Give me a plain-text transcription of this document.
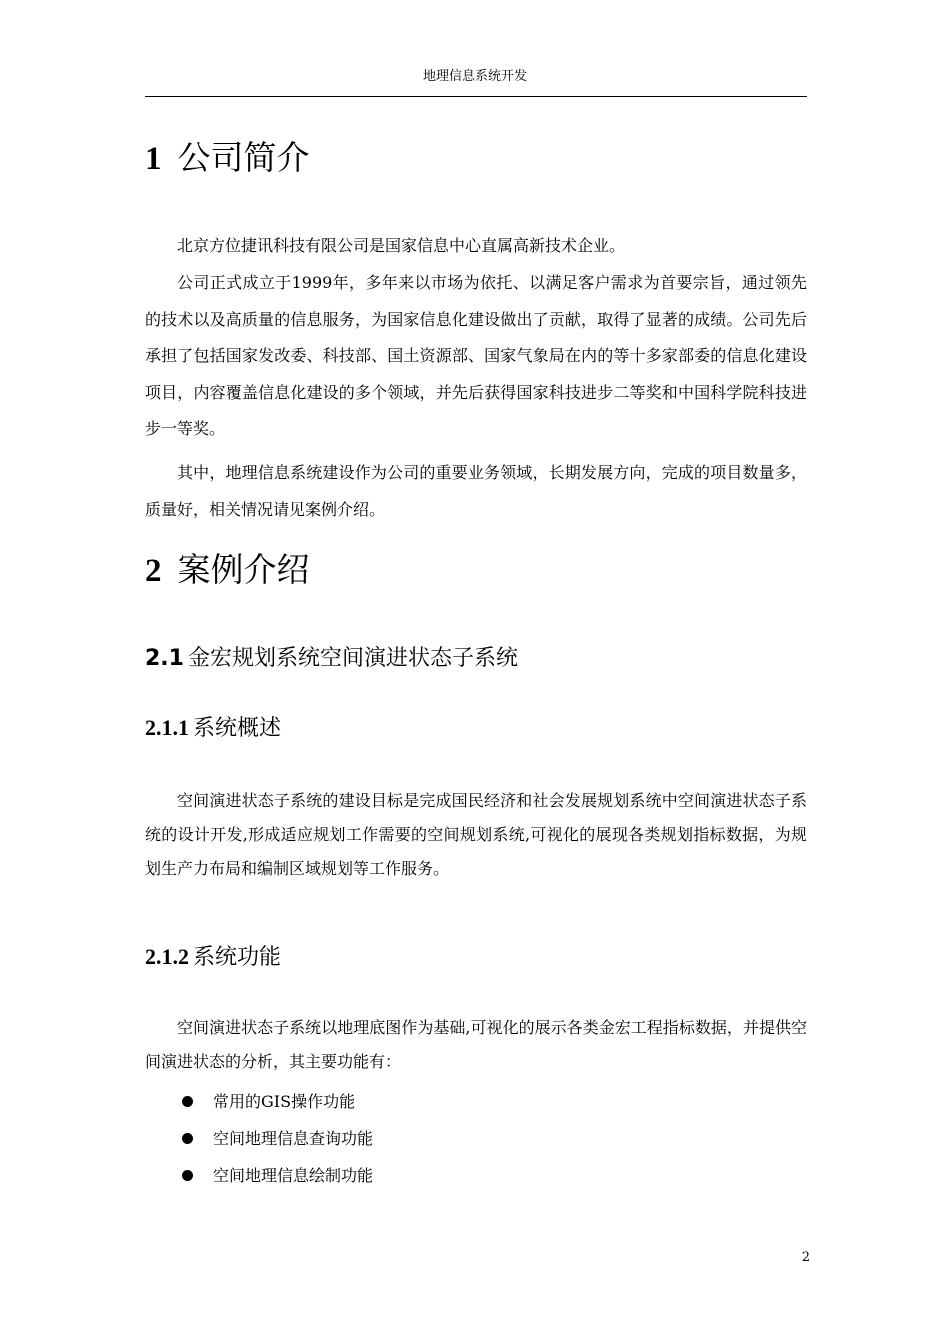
地理信息系统开发
1 公司简介

北京方位捷讯科技有限公司是国家信息中心直属高新技术企业。

公司正式成立于1999年，多年来以市场为依托、以满足客户需求为首要宗旨，通过领先的技术以及高质量的信息服务，为国家信息化建设做出了贡献，取得了显著的成绩。公司先后承担了包括国家发改委、科技部、国土资源部、国家气象局在内的等十多家部委的信息化建设项目，内容覆盖信息化建设的多个领域，并先后获得国家科技进步二等奖和中国科学院科技进步一等奖。

其中，地理信息系统建设作为公司的重要业务领域，长期发展方向，完成的项目数量多，质量好，相关情况请见案例介绍。

2 案例介绍
2.1 金宏规划系统空间演进状态子系统
2.1.1 系统概述

空间演进状态子系统的建设目标是完成国民经济和社会发展规划系统中空间演进状态子系统的设计开发,形成适应规划工作需要的空间规划系统,可视化的展现各类规划指标数据，为规划生产力布局和编制区域规划等工作服务。

2.1.2 系统功能

空间演进状态子系统以地理底图作为基础,可视化的展示各类金宏工程指标数据，并提供空间演进状态的分析，其主要功能有：

常用的GIS操作功能
空间地理信息查询功能
空间地理信息绘制功能
2
